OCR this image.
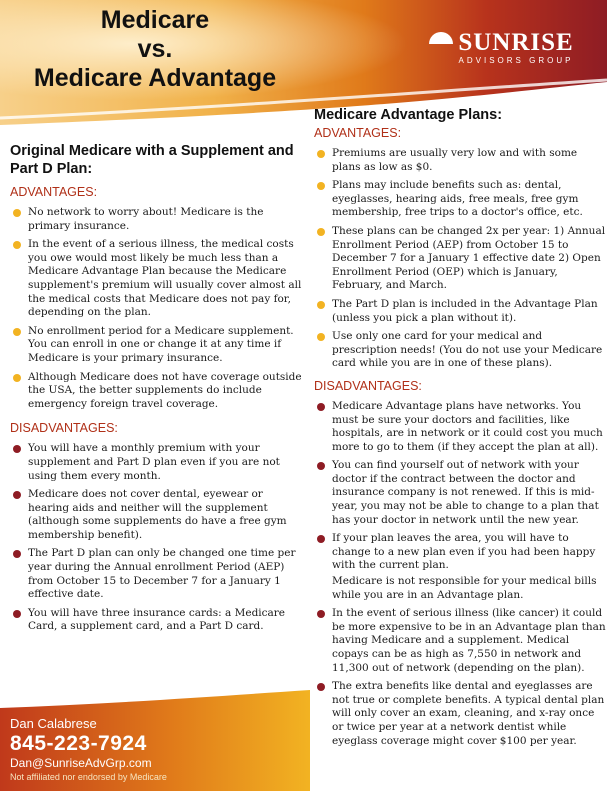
Medicare
vs.
Medicare Advantage
SUNRISE
ADVISORS GROUP
Original Medicare with a Supplement and Part D Plan:
ADVANTAGES:
No network to worry about! Medicare is the primary insurance.
In the event of a serious illness, the medical costs you owe would most likely be much less than a Medicare Advantage Plan because the Medicare supplement's premium will usually cover almost all the medical costs that Medicare does not pay for, depending on the plan.
No enrollment period for a Medicare supplement. You can enroll in one or change it at any time if Medicare is your primary insurance.
Although Medicare does not have coverage outside the USA, the better supplements do include emergency foreign travel coverage.
DISADVANTAGES:
You will have a monthly premium with your supplement and Part D plan even if you are not using them every month.
Medicare does not cover dental, eyewear or hearing aids and neither will the supplement (although some supplements do have a free gym membership benefit).
The Part D plan can only be changed one time per year during the Annual enrollment Period (AEP) from October 15 to December 7 for a January 1 effective date.
You will have three insurance cards: a Medicare Card, a supplement card, and a Part D card.
Medicare Advantage Plans:
ADVANTAGES:
Premiums are usually very low and with some plans as low as $0.
Plans may include benefits such as: dental, eyeglasses, hearing aids, free meals, free gym membership, free trips to a doctor's office, etc.
These plans can be changed 2x per year: 1) Annual Enrollment Period (AEP) from October 15 to December 7 for a January 1 effective date 2) Open Enrollment Period (OEP) which is January, February, and March.
The Part D plan is included in the Advantage Plan (unless you pick a plan without it).
Use only one card for your medical and prescription needs! (You do not use your Medicare card while you are in one of these plans).
DISADVANTAGES:
Medicare Advantage plans have networks. You must be sure your doctors and facilities, like hospitals, are in network or it could cost you much more to go to them (if they accept the plan at all).
You can find yourself out of network with your doctor if the contract between the doctor and insurance company is not renewed. If this is mid-year, you may not be able to change to a plan that has your doctor in network until the new year.
If your plan leaves the area, you will have to change to a new plan even if you had been happy with the current plan.
Medicare is not responsible for your medical bills while you are in an Advantage plan.
In the event of serious illness (like cancer) it could be more expensive to be in an Advantage plan than having Medicare and a supplement. Medical copays can be as high as 7,550 in network and 11,300 out of network (depending on the plan).
The extra benefits like dental and eyeglasses are not true or complete benefits. A typical dental plan will only cover an exam, cleaning, and x-ray once or twice per year at a network dentist while eyeglass coverage might cover $100 per year.
Dan Calabrese
845-223-7924
Dan@SunriseAdvGrp.com
Not affiliated nor endorsed by Medicare
